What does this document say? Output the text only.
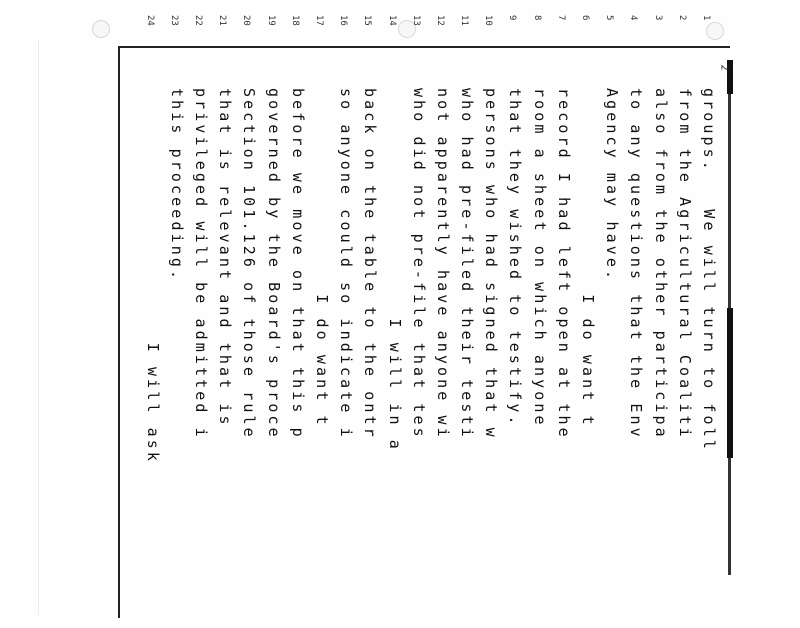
2
1
groups.   We will turn to foll
2
from the Agricultural Coaliti
3
also from the other participa
4
to any questions that the Env
5
Agency may have.
6
I do want t
7
record I had left open at the
8
room a sheet on which anyone
9
that they wished to testify.
10
persons who had signed that w
11
who had pre-filed their testi
12
not apparently have anyone wi
13
who did not pre-file that tes
14
I will in a
15
back on the table to the ontr
16
so anyone could so indicate i
17
I do want t
18
before we move on that this p
19
governed by the Board's proce
20
Section 101.126 of those rule
21
that is relevant and that is
22
privileged will be admitted i
23
this proceeding.
24
I will ask
